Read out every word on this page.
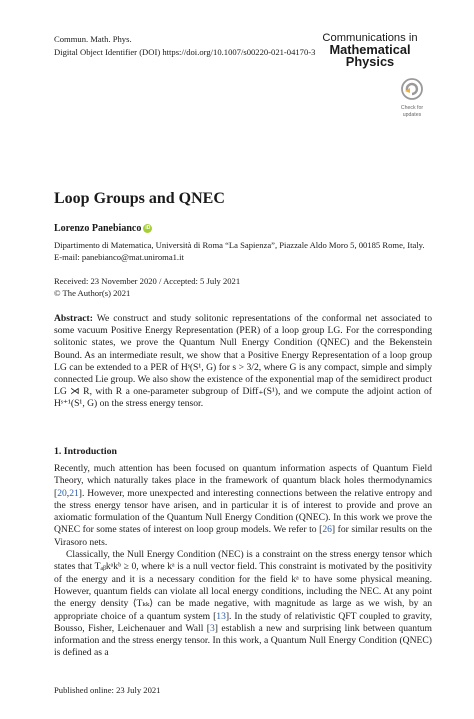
Commun. Math. Phys.
Digital Object Identifier (DOI) https://doi.org/10.1007/s00220-021-04170-3
Communications in
Mathematical
Physics
Check for
updates
Loop Groups and QNEC
Lorenzo Panebianco iD
Dipartimento di Matematica, Università di Roma “La Sapienza”, Piazzale Aldo Moro 5, 00185 Rome, Italy.
E-mail: panebianco@mat.uniroma1.it
Received: 23 November 2020 / Accepted: 5 July 2021
© The Author(s) 2021
Abstract: We construct and study solitonic representations of the conformal net associated to some vacuum Positive Energy Representation (PER) of a loop group LG. For the corresponding solitonic states, we prove the Quantum Null Energy Condition (QNEC) and the Bekenstein Bound. As an intermediate result, we show that a Positive Energy Representation of a loop group LG can be extended to a PER of Hˢ(S¹, G) for s > 3/2, where G is any compact, simple and simply connected Lie group. We also show the existence of the exponential map of the semidirect product LG ⋊ R, with R a one-parameter subgroup of Diff₊(S¹), and we compute the adjoint action of Hˢ⁺¹(S¹, G) on the stress energy tensor.
1. Introduction

Recently, much attention has been focused on quantum information aspects of Quantum Field Theory, which naturally takes place in the framework of quantum black holes thermodynamics [20,21]. However, more unexpected and interesting connections between the relative entropy and the stress energy tensor have arisen, and in particular it is of interest to provide and prove an axiomatic formulation of the Quantum Null Energy Condition (QNEC). In this work we prove the QNEC for some states of interest on loop group models. We refer to [26] for similar results on the Virasoro nets.

Classically, the Null Energy Condition (NEC) is a constraint on the stress energy tensor which states that Tₐᵦkᵃkᵇ ≥ 0, where kᵃ is a null vector field. This constraint is motivated by the positivity of the energy and it is a necessary condition for the field kᵃ to have some physical meaning. However, quantum fields can violate all local energy conditions, including the NEC. At any point the energy density ⟨Tₖₖ⟩ can be made negative, with magnitude as large as we wish, by an appropriate choice of a quantum system [13]. In the study of relativistic QFT coupled to gravity, Bousso, Fisher, Leichenauer and Wall [3] establish a new and surprising link between quantum information and the stress energy tensor. In this work, a Quantum Null Energy Condition (QNEC) is defined as a

Published online: 23 July 2021
